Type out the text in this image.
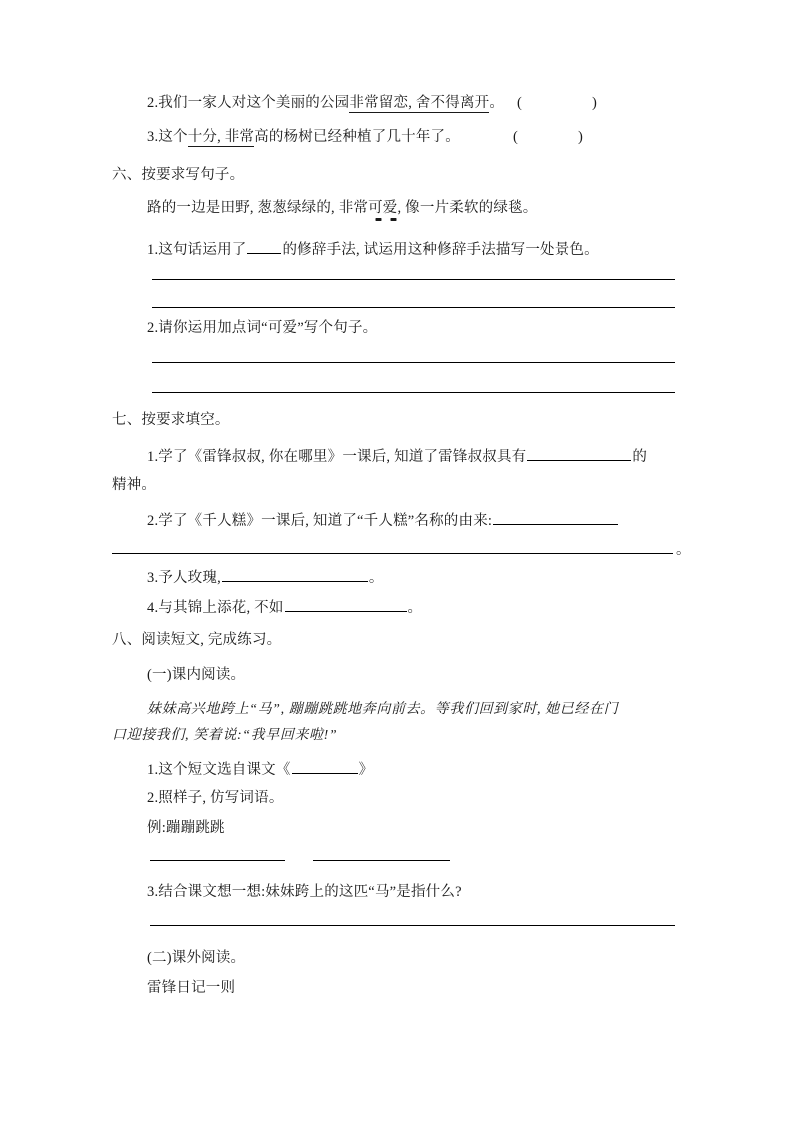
2.我们一家人对这个美丽的公园非常留恋, 舍不得离开。 (	)
3.这个十分, 非常高的杨树已经种植了几十年了。	(	)
六、按要求写句子。
路的一边是田野, 葱葱绿绿的, 非常可爱, 像一片柔软的绿毯。
1.这句话运用了 的修辞手法, 试运用这种修辞手法描写一处景色。
2.请你运用加点词“可爱”写个句子。
七、按要求填空。
1.学了《雷锋叔叔, 你在哪里》一课后, 知道了雷锋叔叔具有	的
精神。
2.学了《千人糕》一课后, 知道了“千人糕”名称的由来:
。
3.予人玫瑰,	。
4.与其锦上添花, 不如	。
八、阅读短文, 完成练习。
(一)课内阅读。
妹妹高兴地跨上“马”, 蹦蹦跳跳地奔向前去。等我们回到家时, 她已经在门
口迎接我们, 笑着说:“我早回来啦!”
1.这个短文选自课文《	》
2.照样子, 仿写词语。
例:蹦蹦跳跳
3.结合课文想一想:妹妹跨上的这匹“马”是指什么?
(二)课外阅读。
雷锋日记一则
